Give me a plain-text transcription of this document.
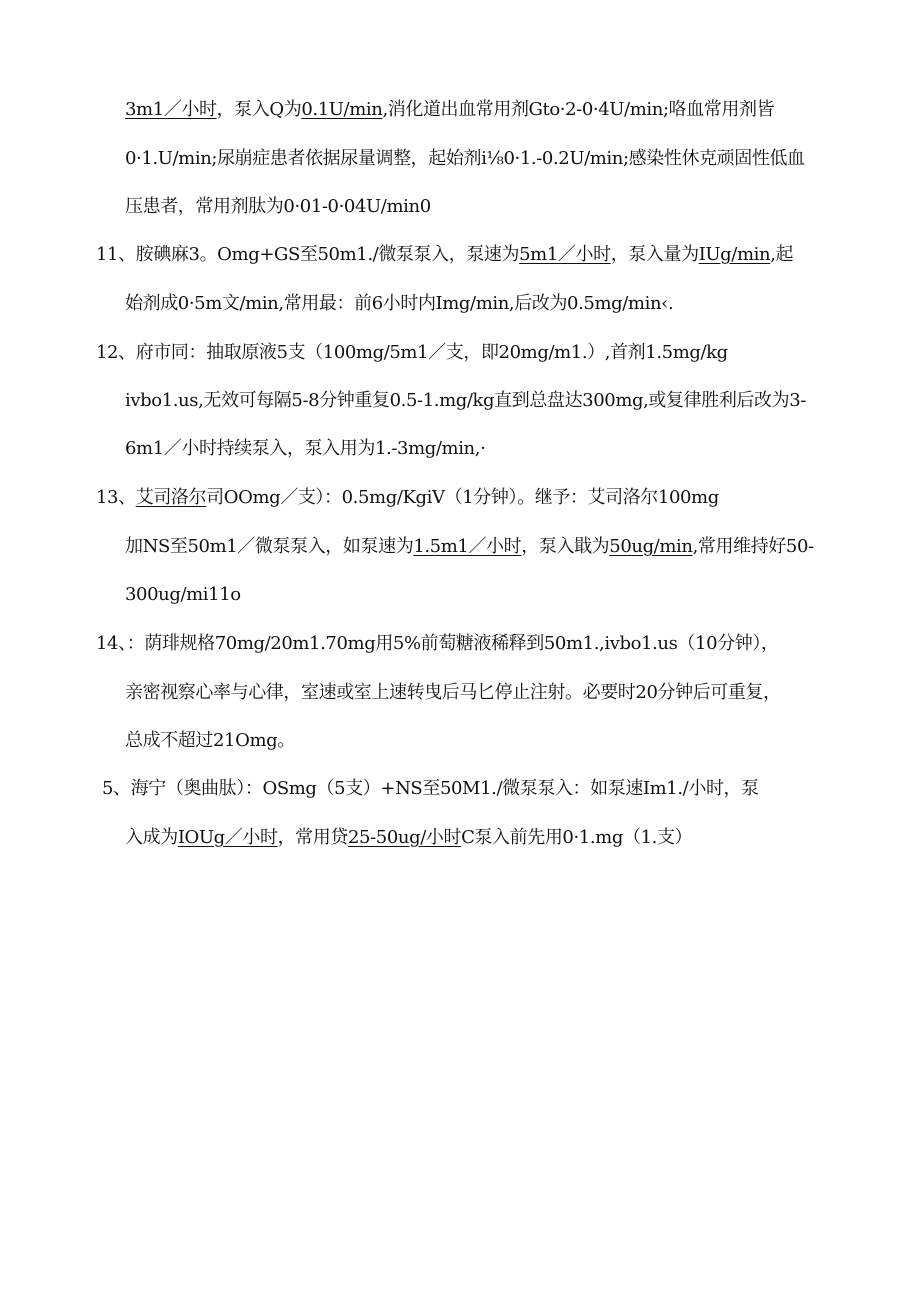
3m1／小时，泵入Q为0.1U/min,消化道出血常用剂Gto·2-0·4U/min;咯血常用剂皆
0·1.U/min;尿崩症患者依据尿量调整，起始剂i⅛0·1.-0.2U/min;感染性休克顽固性低血
压患者，常用剂肽为0·01-0·04U/min0
11、胺碘麻3。Omg+GS至50m1./微泵泵入，泵速为5m1／小时，泵入量为IUg/min,起
始剂成0·5m文/min,常用最：前6小时内Img/min,后改为0.5mg/min‹.
12、府市同：抽取原液5支（100mg/5m1／支，即20mg/m1.）,首剂1.5mg/kg
ivbo1.us,无效可每隔5-8分钟重复0.5-1.mg/kg直到总盘达300mg,或复律胜利后改为3-
6m1／小时持续泵入，泵入用为1.-3mg/min,·
13、艾司洛尔司OOmg／支）：0.5mg/KgiV（1分钟）。继予：艾司洛尔100mg
加NS至50m1／微泵泵入，如泵速为1.5m1／小时，泵入戢为50ug/min,常用维持好50-
300ug/mi11o
14、：荫琲规格70mg/20m1.70mg用5%前萄糖液稀释到50m1.,ivbo1.us（10分钟），
亲密视察心率与心律，室速或室上速转曳后马匕停止注射。必要时20分钟后可重复，
总成不超过21Omg。
5、海宁（奥曲肽）：OSmg（5支）+NS至50M1./微泵泵入：如泵速Im1./小时，泵
入成为IOUg／小时，常用贷25-50ug/小时C泵入前先用0·1.mg（1.支）
